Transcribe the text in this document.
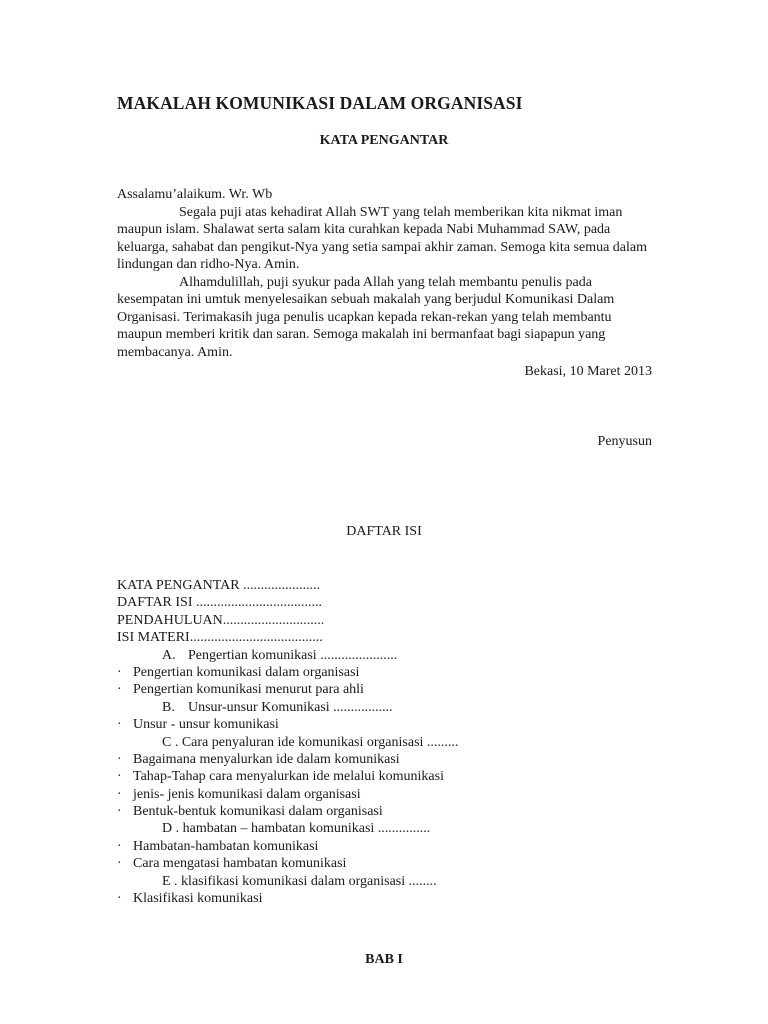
MAKALAH KOMUNIKASI DALAM ORGANISASI
KATA PENGANTAR
Assalamu’alaikum. Wr. Wb
Segala puji atas kehadirat Allah SWT yang telah memberikan kita nikmat iman maupun islam. Shalawat serta salam kita curahkan kepada Nabi Muhammad SAW, pada keluarga, sahabat dan pengikut-Nya yang setia sampai akhir zaman. Semoga kita semua dalam lindungan dan ridho-Nya. Amin.
Alhamdulillah, puji syukur pada Allah yang telah membantu penulis pada kesempatan ini umtuk menyelesaikan sebuah makalah yang berjudul Komunikasi Dalam Organisasi. Terimakasih juga penulis ucapkan kepada rekan-rekan yang telah membantu maupun memberi kritik dan saran. Semoga makalah ini bermanfaat bagi siapapun yang membacanya. Amin.
Bekasi, 10 Maret 2013
Penyusun
DAFTAR ISI
KATA PENGANTAR ......................
DAFTAR ISI ....................................
PENDAHULUAN.............................
ISI MATERI......................................
A. Pengertian komunikasi ......................
· Pengertian komunikasi dalam organisasi
· Pengertian komunikasi menurut para ahli
B. Unsur-unsur Komunikasi .................
· Unsur - unsur komunikasi
C . Cara penyaluran ide komunikasi organisasi .........
· Bagaimana menyalurkan ide dalam komunikasi
· Tahap-Tahap cara menyalurkan ide melalui komunikasi
· jenis- jenis komunikasi dalam organisasi
· Bentuk-bentuk komunikasi dalam organisasi
D . hambatan – hambatan komunikasi ...............
· Hambatan-hambatan komunikasi
· Cara mengatasi hambatan komunikasi
E . klasifikasi komunikasi dalam organisasi ........
· Klasifikasi komunikasi
BAB I
